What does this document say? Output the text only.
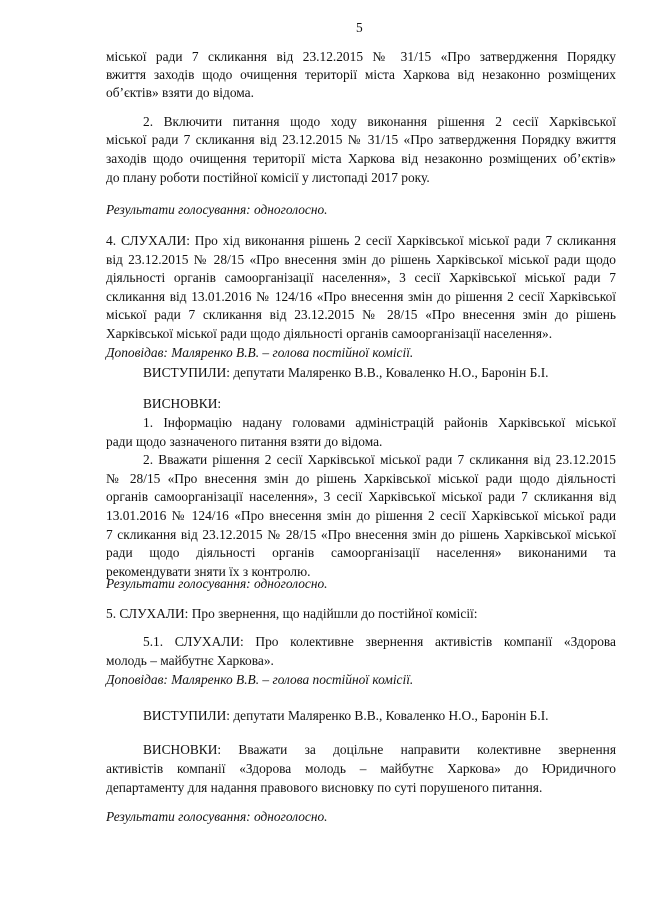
5
міської ради 7 скликання від 23.12.2015 № 31/15 «Про затвердження Порядку
вжиття заходів щодо очищення території міста Харкова від незаконно розміщених
об’єктів» взяти до відома.
2. Включити питання щодо ходу виконання рішення 2 сесії Харківської
міської ради 7 скликання від 23.12.2015 № 31/15 «Про затвердження Порядку вжиття
заходів щодо очищення території міста Харкова від незаконно розміщених об’єктів»
до плану роботи постійної комісії у листопаді 2017 року.
Результати голосування: одноголосно.
4. СЛУХАЛИ: Про хід виконання рішень 2 сесії Харківської міської ради 7 скликання
від 23.12.2015 № 28/15 «Про внесення змін до рішень Харківської міської ради щодо
діяльності органів самоорганізації населення», 3 сесії Харківської міської ради 7
скликання від 13.01.2016 № 124/16 «Про внесення змін до рішення 2 сесії Харківської
міської ради 7 скликання від 23.12.2015 № 28/15 «Про внесення змін до рішень
Харківської міської ради щодо діяльності органів самоорганізації населення».
Доповідав: Маляренко В.В. – голова постійної комісії.
ВИСТУПИЛИ: депутати Маляренко В.В., Коваленко Н.О., Баронін Б.І.
ВИСНОВКИ:
1. Інформацію надану головами адміністрацій районів Харківської міської
ради щодо зазначеного питання взяти до відома.
2. Вважати рішення 2 сесії Харківської міської ради 7 скликання від 23.12.2015
№ 28/15 «Про внесення змін до рішень Харківської міської ради щодо діяльності
органів самоорганізації населення», 3 сесії Харківської міської ради 7 скликання від
13.01.2016 № 124/16 «Про внесення змін до рішення 2 сесії Харківської міської ради
7 скликання від 23.12.2015 № 28/15 «Про внесення змін до рішень Харківської міської
ради щодо діяльності органів самоорганізації населення» виконаними та
рекомендувати зняти їх з контролю.
Результати голосування: одноголосно.
5. СЛУХАЛИ: Про звернення, що надійшли до постійної комісії:
5.1. СЛУХАЛИ: Про колективне звернення активістів компанії «Здорова
молодь – майбутнє Харкова».
Доповідав: Маляренко В.В. – голова постійної комісії.
ВИСТУПИЛИ: депутати Маляренко В.В., Коваленко Н.О., Баронін Б.І.
ВИСНОВКИ: Вважати за доцільне направити колективне звернення
активістів компанії «Здорова молодь – майбутнє Харкова» до Юридичного
департаменту для надання правового висновку по суті порушеного питання.
Результати голосування: одноголосно.
